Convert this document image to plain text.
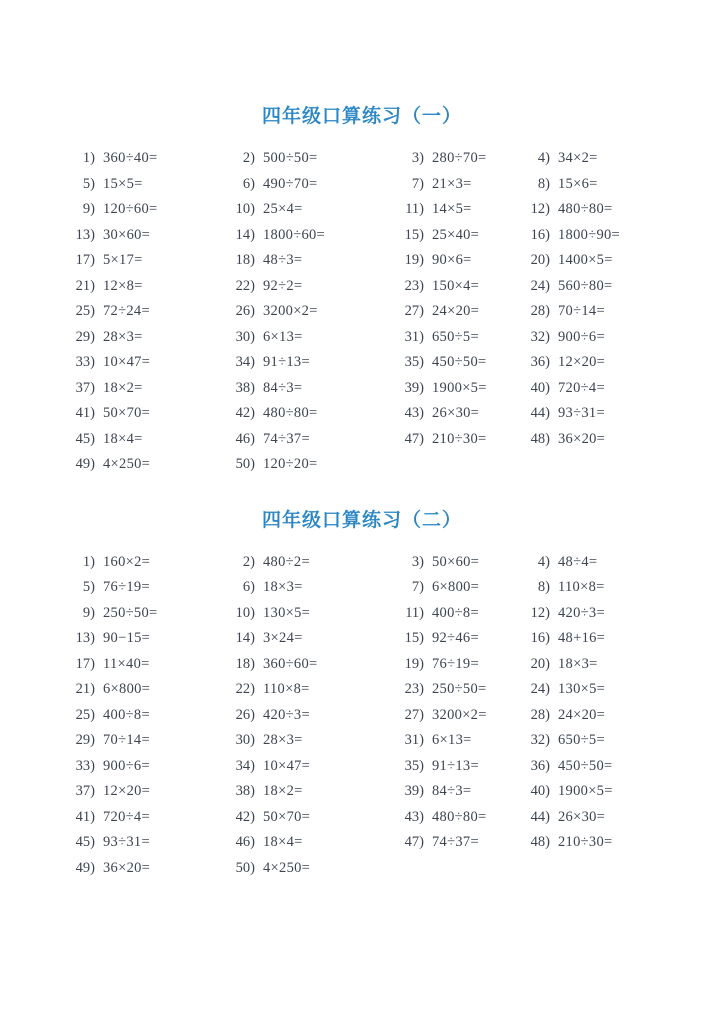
四年级口算练习（一）
1) 360÷40=	2) 500÷50=	3) 280÷70=	4) 34×2=
5) 15×5=	6) 490÷70=	7) 21×3=	8) 15×6=
9) 120÷60=	10) 25×4=	11) 14×5=	12) 480÷80=
13) 30×60=	14) 1800÷60=	15) 25×40=	16) 1800÷90=
17) 5×17=	18) 48÷3=	19) 90×6=	20) 1400×5=
21) 12×8=	22) 92÷2=	23) 150×4=	24) 560÷80=
25) 72÷24=	26) 3200×2=	27) 24×20=	28) 70÷14=
29) 28×3=	30) 6×13=	31) 650÷5=	32) 900÷6=
33) 10×47=	34) 91÷13=	35) 450÷50=	36) 12×20=
37) 18×2=	38) 84÷3=	39) 1900×5=	40) 720÷4=
41) 50×70=	42) 480÷80=	43) 26×30=	44) 93÷31=
45) 18×4=	46) 74÷37=	47) 210÷30=	48) 36×20=
49) 4×250=	50) 120÷20=
四年级口算练习（二）
1) 160×2=	2) 480÷2=	3) 50×60=	4) 48÷4=
5) 76÷19=	6) 18×3=	7) 6×800=	8) 110×8=
9) 250÷50=	10) 130×5=	11) 400÷8=	12) 420÷3=
13) 90−15=	14) 3×24=	15) 92÷46=	16) 48+16=
17) 11×40=	18) 360÷60=	19) 76÷19=	20) 18×3=
21) 6×800=	22) 110×8=	23) 250÷50=	24) 130×5=
25) 400÷8=	26) 420÷3=	27) 3200×2=	28) 24×20=
29) 70÷14=	30) 28×3=	31) 6×13=	32) 650÷5=
33) 900÷6=	34) 10×47=	35) 91÷13=	36) 450÷50=
37) 12×20=	38) 18×2=	39) 84÷3=	40) 1900×5=
41) 720÷4=	42) 50×70=	43) 480÷80=	44) 26×30=
45) 93÷31=	46) 18×4=	47) 74÷37=	48) 210÷30=
49) 36×20=	50) 4×250=
